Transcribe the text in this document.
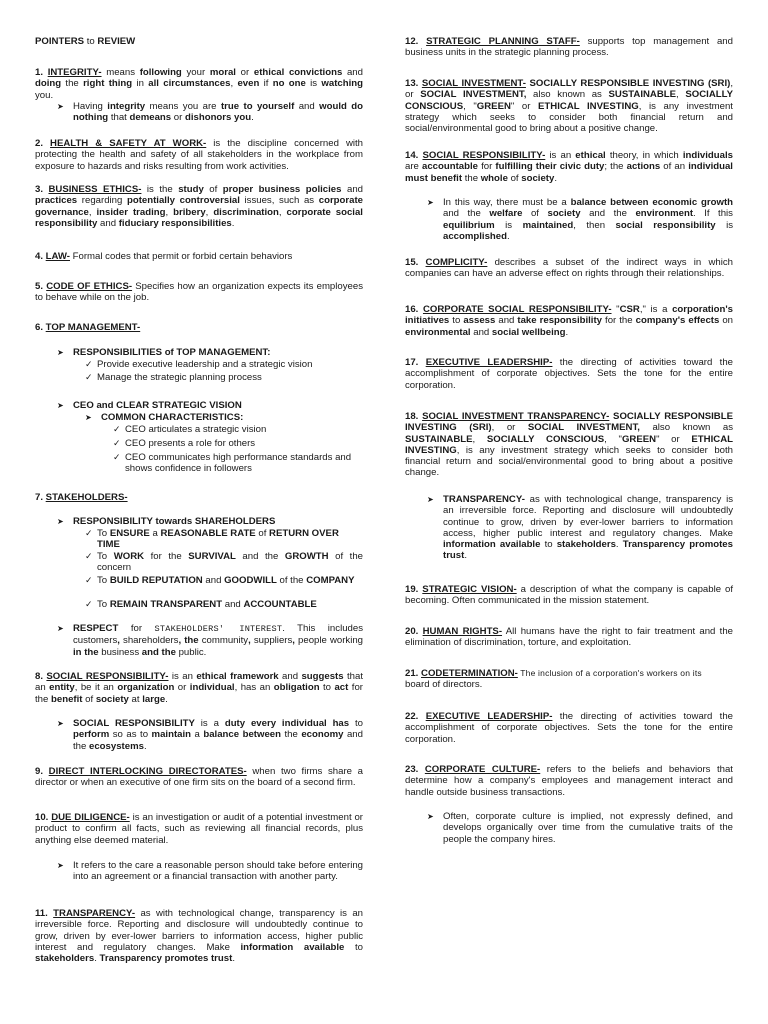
POINTERS to REVIEW

1. INTEGRITY- means following your moral or ethical convictions and doing the right thing in all circumstances, even if no one is watching you.

➤ Having integrity means you are true to yourself and would do nothing that demeans or dishonors you.

2. HEALTH & SAFETY AT WORK- is the discipline concerned with protecting the health and safety of all stakeholders in the workplace from exposure to hazards and risks resulting from work activities.

3. BUSINESS ETHICS- is the study of proper business policies and practices regarding potentially controversial issues, such as corporate governance, insider trading, bribery, discrimination, corporate social responsibility and fiduciary responsibilities.

4. LAW- Formal codes that permit or forbid certain behaviors

5. CODE OF ETHICS- Specifies how an organization expects its employees to behave while on the job.

6. TOP MANAGEMENT-

➤ RESPONSIBILITIES of TOP MANAGEMENT:
✓ Provide executive leadership and a strategic vision
✓ Manage the strategic planning process
➤ CEO and CLEAR STRATEGIC VISION
➤ COMMON CHARACTERISTICS:
✓ CEO articulates a strategic vision
✓ CEO presents a role for others
✓ CEO communicates high performance standards and shows confidence in followers

7. STAKEHOLDERS-

➤ RESPONSIBILITY towards SHAREHOLDERS
✓ To ENSURE a REASONABLE RATE of RETURN OVER TIME
✓ To WORK for the SURVIVAL and the GROWTH of the concern
✓ To BUILD REPUTATION and GOODWILL of the COMPANY
✓ To REMAIN TRANSPARENT and ACCOUNTABLE
➤ RESPECT for STAKEHOLDERS' INTEREST. This includes customers, shareholders, the community, suppliers, people working in the business and the public.

8. SOCIAL RESPONSIBILITY- is an ethical framework and suggests that an entity, be it an organization or individual, has an obligation to act for the benefit of society at large.

➤ SOCIAL RESPONSIBILITY is a duty every individual has to perform so as to maintain a balance between the economy and the ecosystems.

9. DIRECT INTERLOCKING DIRECTORATES- when two firms share a director or when an executive of one firm sits on the board of a second firm.

10. DUE DILIGENCE- is an investigation or audit of a potential investment or product to confirm all facts, such as reviewing all financial records, plus anything else deemed material.

➤ It refers to the care a reasonable person should take before entering into an agreement or a financial transaction with another party.

11. TRANSPARENCY- as with technological change, transparency is an irreversible force. Reporting and disclosure will undoubtedly continue to grow, driven by ever-lower barriers to information access, higher public interest and regulatory changes. Make information available to stakeholders. Transparency promotes trust.

12. STRATEGIC PLANNING STAFF- supports top management and business units in the strategic planning process.

13. SOCIAL INVESTMENT- SOCIALLY RESPONSIBLE INVESTING (SRI), or SOCIAL INVESTMENT, also known as SUSTAINABLE, SOCIALLY CONSCIOUS, "GREEN" or ETHICAL INVESTING, is any investment strategy which seeks to consider both financial return and social/environmental good to bring about a positive change.

14. SOCIAL RESPONSIBILITY- is an ethical theory, in which individuals are accountable for fulfilling their civic duty; the actions of an individual must benefit the whole of society.

➤ In this way, there must be a balance between economic growth and the welfare of society and the environment. If this equilibrium is maintained, then social responsibility is accomplished.

15. COMPLICITY- describes a subset of the indirect ways in which companies can have an adverse effect on rights through their relationships.

16. CORPORATE SOCIAL RESPONSIBILITY- "CSR," is a corporation's initiatives to assess and take responsibility for the company's effects on environmental and social wellbeing.

17. EXECUTIVE LEADERSHIP- the directing of activities toward the accomplishment of corporate objectives. Sets the tone for the entire corporation.

18. SOCIAL INVESTMENT TRANSPARENCY- SOCIALLY RESPONSIBLE INVESTING (SRI), or SOCIAL INVESTMENT, also known as SUSTAINABLE, SOCIALLY CONSCIOUS, "GREEN" or ETHICAL INVESTING, is any investment strategy which seeks to consider both financial return and social/environmental good to bring about a positive change.

➤ TRANSPARENCY- as with technological change, transparency is an irreversible force. Reporting and disclosure will undoubtedly continue to grow, driven by ever-lower barriers to information access, higher public interest and regulatory changes. Make information available to stakeholders. Transparency promotes trust.

19. STRATEGIC VISION- a description of what the company is capable of becoming. Often communicated in the mission statement.

20. HUMAN RIGHTS- All humans have the right to fair treatment and the elimination of discrimination, torture, and exploitation.

21. CODETERMINATION- The inclusion of a corporation's workers on its
board of directors.

22. EXECUTIVE LEADERSHIP- the directing of activities toward the accomplishment of corporate objectives. Sets the tone for the entire corporation.

23. CORPORATE CULTURE- refers to the beliefs and behaviors that determine how a company's employees and management interact and handle outside business transactions.

➤ Often, corporate culture is implied, not expressly defined, and develops organically over time from the cumulative traits of the people the company hires.
